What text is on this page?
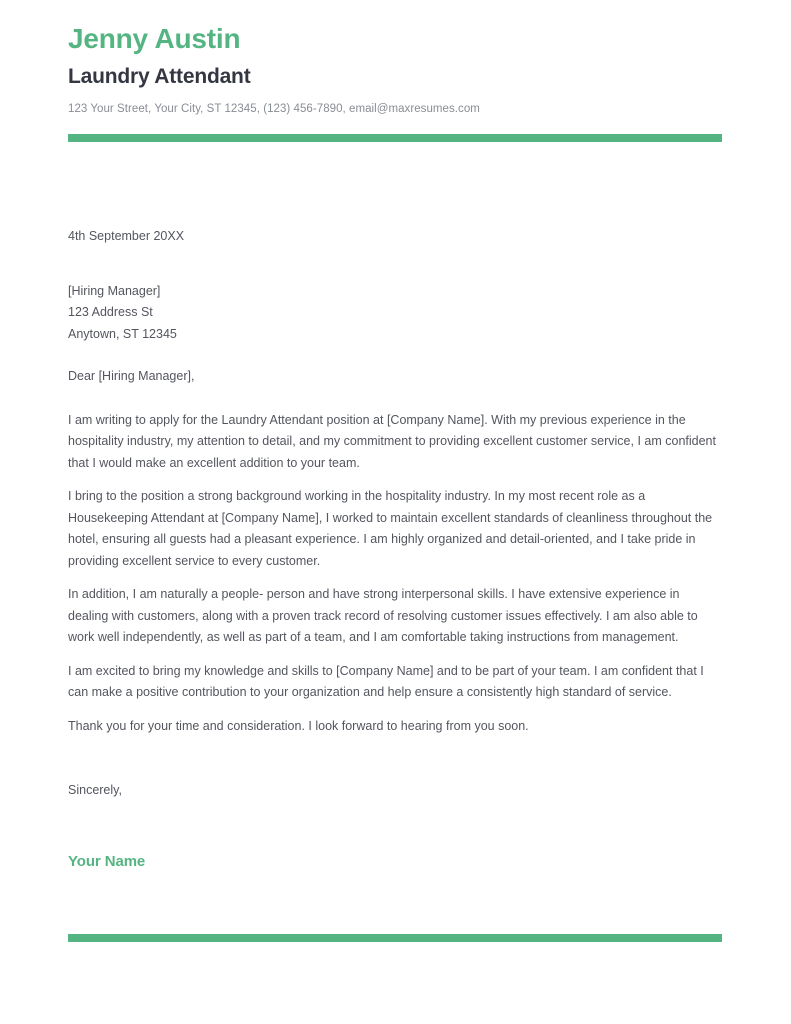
Jenny Austin
Laundry Attendant

123 Your Street, Your City, ST 12345, (123) 456-7890, email@maxresumes.com

4th September 20XX

[Hiring Manager]
123 Address St
Anytown, ST 12345

Dear [Hiring Manager],

I am writing to apply for the Laundry Attendant position at [Company Name]. With my previous experience in the hospitality industry, my attention to detail, and my commitment to providing excellent customer service, I am confident that I would make an excellent addition to your team.

I bring to the position a strong background working in the hospitality industry. In my most recent role as a Housekeeping Attendant at [Company Name], I worked to maintain excellent standards of cleanliness throughout the hotel, ensuring all guests had a pleasant experience. I am highly organized and detail-oriented, and I take pride in providing excellent service to every customer.

In addition, I am naturally a people- person and have strong interpersonal skills. I have extensive experience in dealing with customers, along with a proven track record of resolving customer issues effectively. I am also able to work well independently, as well as part of a team, and I am comfortable taking instructions from management.

I am excited to bring my knowledge and skills to [Company Name] and to be part of your team. I am confident that I can make a positive contribution to your organization and help ensure a consistently high standard of service.

Thank you for your time and consideration. I look forward to hearing from you soon.

Sincerely,

Your Name
